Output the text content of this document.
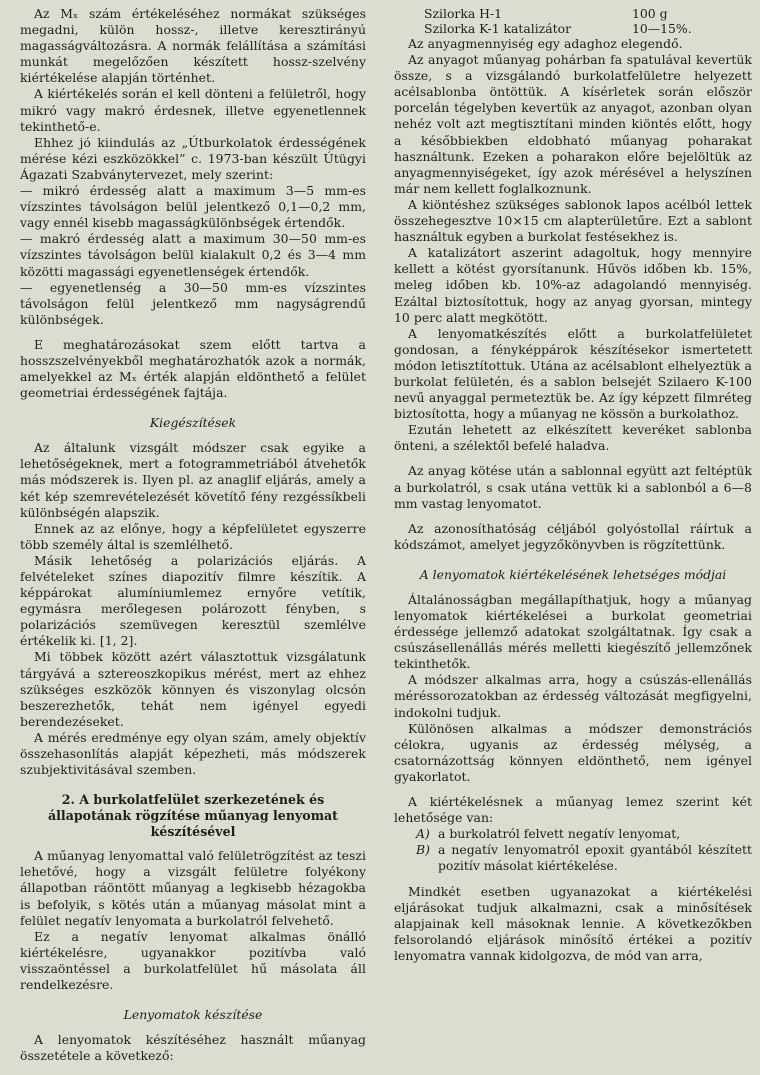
Az Mₓ szám értékeléséhez normákat szükséges megadni, külön hossz-, illetve keresztirányú magasságváltozásra. A normák felállítása a számítási munkát megelőzően készített hossz-szelvény kiértékelése alapján történhet.

A kiértékelés során el kell dönteni a felületről, hogy mikró vagy makró érdesnek, illetve egyenetlennek tekinthető-e.

Ehhez jó kiindulás az „Útburkolatok érdességének mérése kézi eszközökkel” c. 1973-ban készült Útügyi Ágazati Szabványtervezet, mely szerint:

— mikró érdesség alatt a maximum 3—5 mm-es vízszintes távolságon belül jelentkező 0,1—0,2 mm, vagy ennél kisebb magasságkülönbségek értendők.

— makró érdesség alatt a maximum 30—50 mm-es vízszintes távolságon belül kialakult 0,2 és 3—4 mm közötti magassági egyenetlenségek értendők.

— egyenetlenség a 30—50 mm-es vízszintes távolságon felül jelentkező mm nagyságrendű különbségek.

E meghatározásokat szem előtt tartva a hosszszelvényekből meghatározhatók azok a normák, amelyekkel az Mₓ érték alapján eldönthető a felület geometriai érdességének fajtája.

Kiegészítések

Az általunk vizsgált módszer csak egyike a lehetőségeknek, mert a fotogrammetriából átvehetők más módszerek is. Ilyen pl. az anaglif eljárás, amely a két kép szemrevételezését követítő fény rezgéssíkbeli különbségén alapszik.

Ennek az az előnye, hogy a képfelületet egyszerre több személy által is szemlélhető.

Másik lehetőség a polarizációs eljárás. A felvételeket színes diapozitív filmre készítik. A képpárokat alumíniumlemez ernyőre vetítik, egymásra merőlegesen polározott fényben, s polarizációs szemüvegen keresztül szemlélve értékelik ki. [1, 2].

Mi többek között azért választottuk vizsgálatunk tárgyává a sztereoszkopikus mérést, mert az ehhez szükséges eszközök könnyen és viszonylag olcsón beszerezhetők, tehát nem igényel egyedi berendezéseket.

A mérés eredménye egy olyan szám, amely objektív összehasonlítás alapját képezheti, más módszerek szubjektivitásával szemben.

2. A burkolatfelület szerkezetének és állapotának rögzítése műanyag lenyomat készítésével

A műanyag lenyomattal való felületrögzítést az teszi lehetővé, hogy a vizsgált felületre folyékony állapotban ráöntött műanyag a legkisebb hézagokba is befolyik, s kötés után a műanyag másolat mint a felület negatív lenyomata a burkolatról felvehető.

Ez a negatív lenyomat alkalmas önálló kiértékelésre, ugyanakkor pozitívba való visszaöntéssel a burkolatfelület hű másolata áll rendelkezésre.

Lenyomatok készítése

A lenyomatok készítéséhez használt műanyag összetétele a következő:

Szilorka H-1	100 g
Szilorka K-1 katalizátor	10—15%.

Az anyagmennyiség egy adaghoz elegendő.

Az anyagot műanyag pohárban fa spatulával kevertük össze, s a vizsgálandó burkolatfelületre helyezett acélsablonba öntöttük. A kísérletek során először porcelán tégelyben kevertük az anyagot, azonban olyan nehéz volt azt megtisztítani minden kiöntés előtt, hogy a későbbiekben eldobható műanyag poharakat használtunk. Ezeken a poharakon előre bejelöltük az anyagmennyiségeket, így azok mérésével a helyszínen már nem kellett foglalkoznunk.

A kiöntéshez szükséges sablonok lapos acélból lettek összehegesztve 10×15 cm alapterületűre. Ezt a sablont használtuk egyben a burkolat festésekhez is.

A katalizátort aszerint adagoltuk, hogy mennyire kellett a kötést gyorsítanunk. Hűvös időben kb. 15%, meleg időben kb. 10%-az adagolandó mennyiség. Ezáltal biztosítottuk, hogy az anyag gyorsan, mintegy 10 perc alatt megkötött.

A lenyomatkészítés előtt a burkolatfelületet gondosan, a fényképpárok készítésekor ismertetett módon letisztítottuk. Utána az acélsablont elhelyeztük a burkolat felületén, és a sablon belsejét Szilaero K-100 nevű anyaggal permeteztük be. Az így képzett filmréteg biztosította, hogy a műanyag ne kössön a burkolathoz.

Ezután lehetett az elkészített keveréket sablonba önteni, a szélektől befelé haladva.

Az anyag kötése után a sablonnal együtt azt feltéptük a burkolatról, s csak utána vettük ki a sablonból a 6—8 mm vastag lenyomatot.

Az azonosíthatóság céljából golyóstollal ráírtuk a kódszámot, amelyet jegyzőkönyvben is rögzítettünk.

A lenyomatok kiértékelésének lehetséges módjai

Általánosságban megállapíthatjuk, hogy a műanyag lenyomatok kiértékelései a burkolat geometriai érdessége jellemző adatokat szolgáltatnak. Így csak a csúszásellenállás mérés melletti kiegészítő jellemzőnek tekinthetők.

A módszer alkalmas arra, hogy a csúszás-ellenállás méréssorozatokban az érdesség változását megfigyelni, indokolni tudjuk.

Különösen alkalmas a módszer demonstrációs célokra, ugyanis az érdesség mélység, a csatornázottság könnyen eldönthető, nem igényel gyakorlatot.

A kiértékelésnek a műanyag lemez szerint két lehetősége van:

A) a burkolatról felvett negatív lenyomat,
B) a negatív lenyomatról epoxit gyantából készített pozitív másolat kiértékelése.

Mindkét esetben ugyanazokat a kiértékelési eljárásokat tudjuk alkalmazni, csak a minősítések alapjainak kell másoknak lennie. A következőkben felsorolandó eljárások minősítő értékei a pozitív lenyomatra vannak kidolgozva, de mód van arra,
